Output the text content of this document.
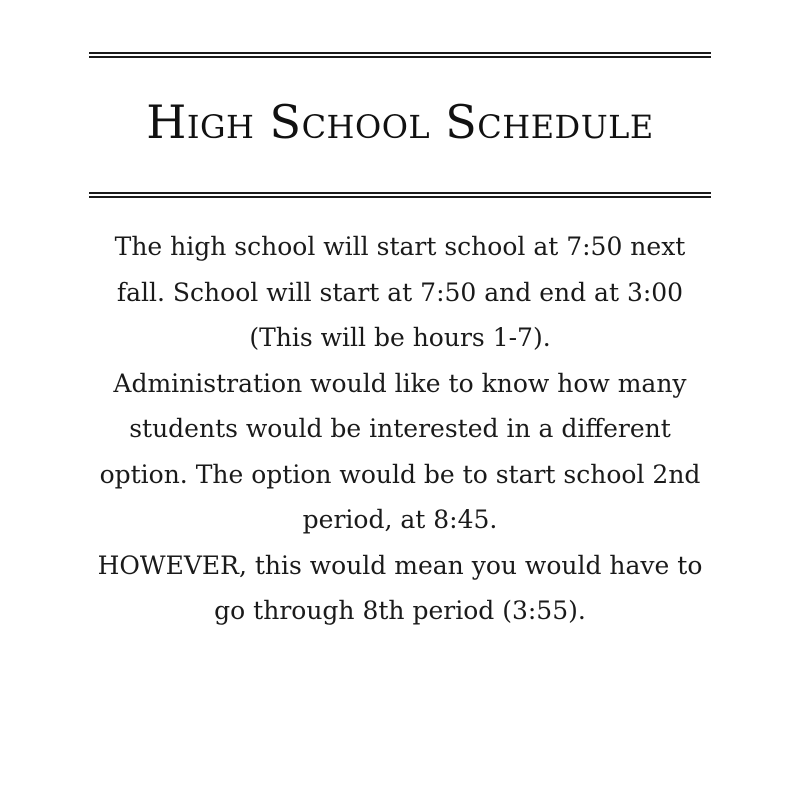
High School Schedule
The high school will start school at 7:50 next
fall. School will start at 7:50 and end at 3:00
(This will be hours 1-7).
Administration would like to know how many
students would be interested in a different
option. The option would be to start school 2nd
period, at 8:45.
HOWEVER, this would mean you would have to
go through 8th period (3:55).
